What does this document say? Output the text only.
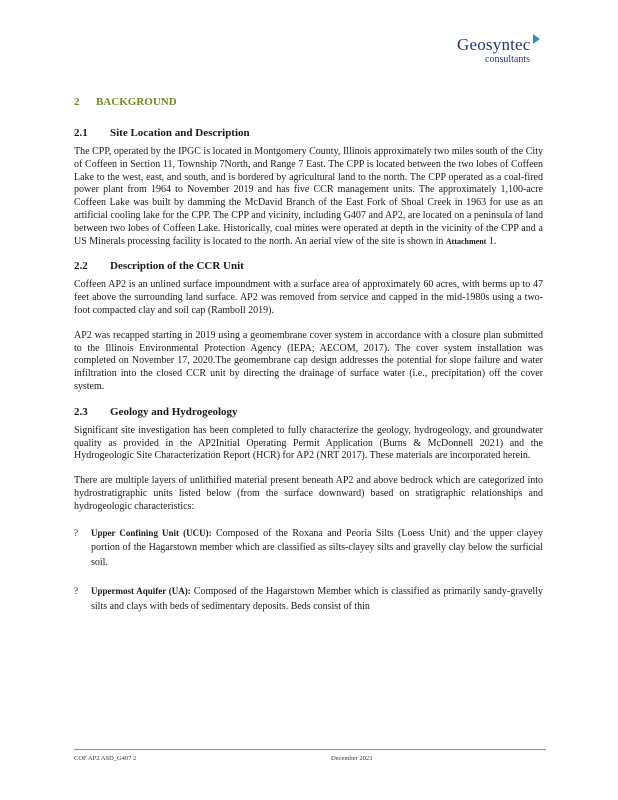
Geosyntec
consultants
2 BACKGROUND
2.1 Site Location and Description

The CPP, operated by the IPGC is located in Montgomery County, Illinois approximately two miles south of the City of Coffeen in Section 11, Township 7North, and Range 7 East. The CPP is located between the two lobes of Coffeen Lake to the west, east, and south, and is bordered by agricultural land to the north. The CPP operated as a coal-fired power plant from 1964 to November 2019 and has five CCR management units. The approximately 1,100-acre Coffeen Lake was built by damming the McDavid Branch of the East Fork of Shoal Creek in 1963 for use as an artificial cooling lake for the CPP. The CPP and vicinity, including G407 and AP2, are located on a peninsula of land between two lobes of Coffeen Lake. Historically, coal mines were operated at depth in the vicinity of the CPP and a US Minerals processing facility is located to the north. An aerial view of the site is shown in Attachment 1.

2.2 Description of the CCR Unit

Coffeen AP2 is an unlined surface impoundment with a surface area of approximately 60 acres, with berms up to 47 feet above the surrounding land surface. AP2 was removed from service and capped in the mid-1980s using a two-foot compacted clay and soil cap (Ramboll 2019).

AP2 was recapped starting in 2019 using a geomembrane cover system in accordance with a closure plan submitted to the Illinois Environmental Protection Agency (IEPA; AECOM, 2017). The cover system installation was completed on November 17, 2020.The geomembrane cap design addresses the potential for slope failure and water infiltration into the closed CCR unit by directing the drainage of surface water (i.e., precipitation) off the cover system.

2.3 Geology and Hydrogeology

Significant site investigation has been completed to fully characterize the geology, hydrogeology, and groundwater quality as provided in the AP2Initial Operating Permit Application (Burns & McDonnell 2021) and the Hydrogeologic Site Characterization Report (HCR) for AP2 (NRT 2017). These materials are incorporated herein.

There are multiple layers of unlithified material present beneath AP2 and above bedrock which are categorized into hydrostratigraphic units listed below (from the surface downward) based on stratigraphic relationships and hydrogeologic characteristics:

? Upper Confining Unit (UCU): Composed of the Roxana and Peoria Silts (Loess Unit) and the upper clayey portion of the Hagarstown member which are classified as silts-clayey silts and gravelly clay below the surficial soil.
? Uppermost Aquifer (UA): Composed of the Hagarstown Member which is classified as primarily sandy-gravelly silts and clays with beds of sedimentary deposits. Beds consist of thin
COF AP2 ASD_G407 2	December 2023
